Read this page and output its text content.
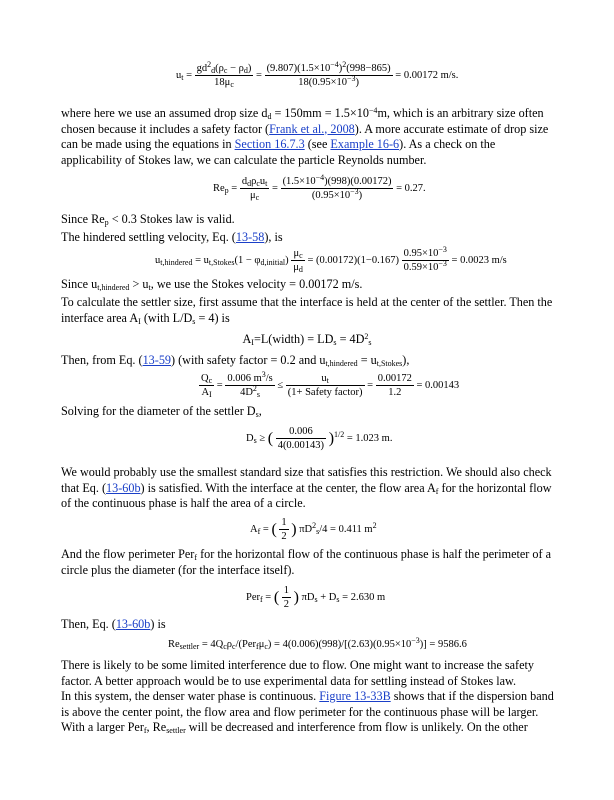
$u_t = \frac{gd^2_d(\rho_c - \rho_d)}{18\mu_c} = \frac{(9.807)(1.5\times 10^{-4})^2(998-865)}{18(0.95\times 10^{-3})} = 0.00172$ m/s.

where here we use an assumed drop size $d_d = 150mm = 1.5\times 10^{-4}m$, which is an arbitrary size often chosen because it includes a safety factor (Frank et al., 2008). A more accurate estimate of drop size can be made using the equations in Section 16.7.3 (see Example 16-6). As a check on the applicability of Stokes law, we can calculate the particle Reynolds number.

$Re_p = \frac{d_d\rho_cu_t}{\mu_c} = \frac{(1.5\times 10^{-4})(998)(0.00172)}{(0.95\times 10^{-3})} = 0.27$.

Since $Re_p < 0.3$ Stokes law is valid.

The hindered settling velocity, Eq. (13-58), is

$u_{t,hindered} = u_{t,Stokes}(1 - \varphi_{d,initial}) \frac{\mu_c}{\mu_d} = (0.00172)(1-0.167) \frac{0.95\times 10^{-3}}{0.59\times 10^{-3}} = 0.0023$ m/s

Since $u_{t,hindered} > u_t$, we use the Stokes velocity = 0.00172 m/s.

To calculate the settler size, first assume that the interface is held at the center of the settler. Then the interface area $A_I$ (with $L/D_s = 4$) is

$A_I=L(width) = LD_s = 4D^2_s$

Then, from Eq. (13-59) (with safety factor = 0.2 and $u_{t,hindered} = u_{t,Stokes}$),

$\frac{Q_c}{A_I} = \frac{0.006 m^3/s}{4D^2_s} \le \frac{u_t}{\text{(1+ Safety factor)}} = \frac{0.00172}{1.2} = 0.00143$

Solving for the diameter of the settler $D_s$,

$D_s$ ≥ ( $\frac{0.006}{4(0.00143)} )^{1/2} = 1.023$ m.

We would probably use the smallest standard size that satisfies this restriction. We should also check that Eq. (13-60b) is satisfied. With the interface at the center, the flow area $A_f$ for the horizontal flow of the continuous phase is half the area of a circle.

$A_f$ = ( $\frac{1}{2}$ ) $\pi D^2_s/4 = 0.411$ $m^2$

And the flow perimeter Per$_f$ for the horizontal flow of the continuous phase is half the perimeter of a circle plus the diameter (for the interface itself).

Per$_f$ = ( $\frac{1}{2}$ ) $\pi D_s + D_s = 2.630$ m

Then, Eq. (13-60b) is

$Re_{settler} = 4Q_c\rho_c/(Per_f\mu_c) = 4(0.006)(998)/[(2.63)(0.95\times 10^{-3})] = 9586.6$

There is likely to be some limited interference due to flow. One might want to increase the safety factor. A better approach would be to use experimental data for settling instead of Stokes law.

In this system, the denser water phase is continuous. Figure 13-33B shows that if the dispersion band is above the center point, the flow area and flow perimeter for the continuous phase will be larger. With a larger Per$_f$, $Re_{settler}$ will be decreased and interference from flow is unlikely. On the other
